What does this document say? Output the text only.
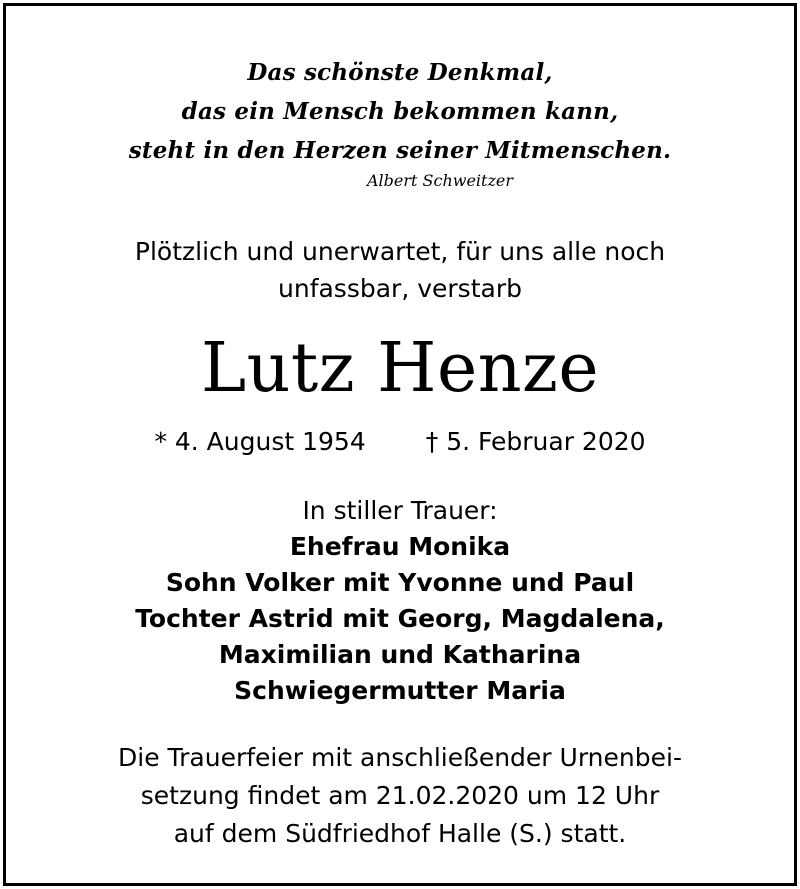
Das schönste Denkmal,

das ein Mensch bekommen kann,

steht in den Herzen seiner Mitmenschen.

Albert Schweitzer

Plötzlich und unerwartet, für uns alle noch

unfassbar, verstarb

Lutz Henze
* 4. August 1954 † 5. Februar 2020

In stiller Trauer:

Ehefrau Monika

Sohn Volker mit Yvonne und Paul

Tochter Astrid mit Georg, Magdalena,

Maximilian und Katharina

Schwiegermutter Maria

Die Trauerfeier mit anschließender Urnenbei-

setzung findet am 21.02.2020 um 12 Uhr

auf dem Südfriedhof Halle (S.) statt.
